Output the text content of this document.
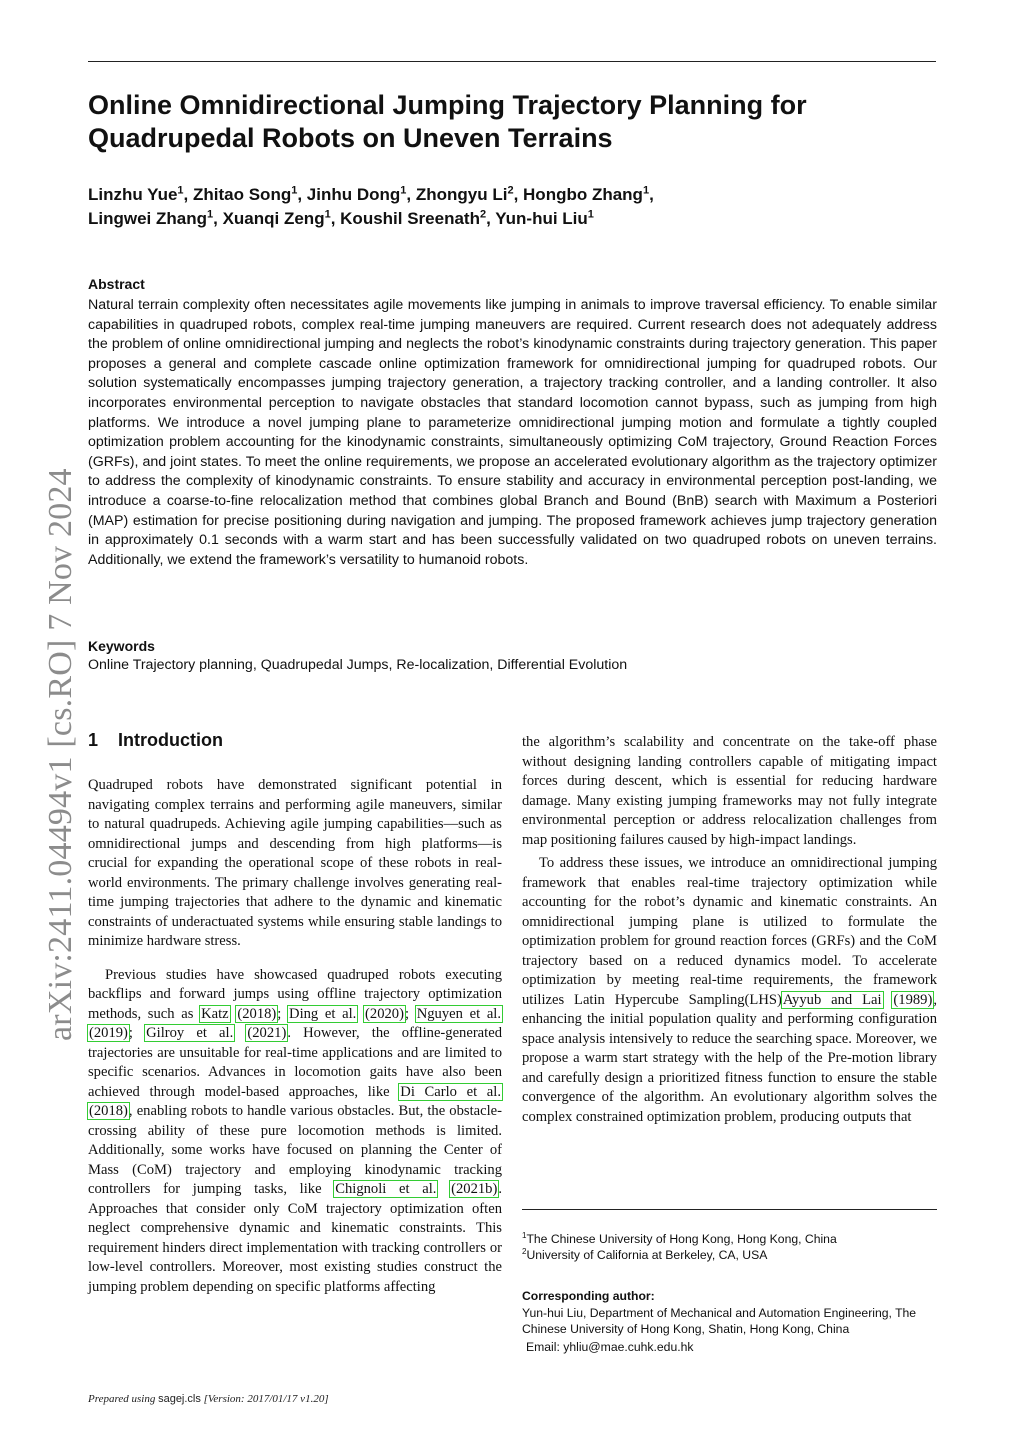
arXiv:2411.04494v1 [cs.RO] 7 Nov 2024
Online Omnidirectional Jumping Trajectory Planning for Quadrupedal Robots on Uneven Terrains
Linzhu Yue$^1$, Zhitao Song$^1$, Jinhu Dong$^1$, Zhongyu Li$^2$, Hongbo Zhang$^1$,
Lingwei Zhang$^1$, Xuanqi Zeng$^1$, Koushil Sreenath$^2$, Yun-hui Liu$^1$
Abstract
Natural terrain complexity often necessitates agile movements like jumping in animals to improve traversal efficiency. To enable similar capabilities in quadruped robots, complex real-time jumping maneuvers are required. Current research does not adequately address the problem of online omnidirectional jumping and neglects the robot’s kinodynamic constraints during trajectory generation. This paper proposes a general and complete cascade online optimization framework for omnidirectional jumping for quadruped robots. Our solution systematically encompasses jumping trajectory generation, a trajectory tracking controller, and a landing controller. It also incorporates environmental perception to navigate obstacles that standard locomotion cannot bypass, such as jumping from high platforms. We introduce a novel jumping plane to parameterize omnidirectional jumping motion and formulate a tightly coupled optimization problem accounting for the kinodynamic constraints, simultaneously optimizing CoM trajectory, Ground Reaction Forces (GRFs), and joint states. To meet the online requirements, we propose an accelerated evolutionary algorithm as the trajectory optimizer to address the complexity of kinodynamic constraints. To ensure stability and accuracy in environmental perception post-landing, we introduce a coarse-to-fine relocalization method that combines global Branch and Bound (BnB) search with Maximum a Posteriori (MAP) estimation for precise positioning during navigation and jumping. The proposed framework achieves jump trajectory generation in approximately 0.1 seconds with a warm start and has been successfully validated on two quadruped robots on uneven terrains. Additionally, we extend the framework’s versatility to humanoid robots.
Keywords
Online Trajectory planning, Quadrupedal Jumps, Re-localization, Differential Evolution
1 Introduction

Quadruped robots have demonstrated significant potential in navigating complex terrains and performing agile maneuvers, similar to natural quadrupeds. Achieving agile jumping capabilities—such as omnidirectional jumps and descending from high platforms—is crucial for expanding the operational scope of these robots in real-world environments. The primary challenge involves generating real-time jumping trajectories that adhere to the dynamic and kinematic constraints of underactuated systems while ensuring stable landings to minimize hardware stress.

Previous studies have showcased quadruped robots executing backflips and forward jumps using offline trajectory optimization methods, such as Katz (2018); Ding et al. (2020); Nguyen et al. (2019); Gilroy et al. (2021). However, the offline-generated trajectories are unsuitable for real-time applications and are limited to specific scenarios. Advances in locomotion gaits have also been achieved through model-based approaches, like Di Carlo et al. (2018), enabling robots to handle various obstacles. But, the obstacle-crossing ability of these pure locomotion methods is limited. Additionally, some works have focused on planning the Center of Mass (CoM) trajectory and employing kinodynamic tracking controllers for jumping tasks, like Chignoli et al. (2021b). Approaches that consider only CoM trajectory optimization often neglect comprehensive dynamic and kinematic constraints. This requirement hinders direct implementation with tracking controllers or low-level controllers. Moreover, most existing studies construct the jumping problem depending on specific platforms affecting

the algorithm’s scalability and concentrate on the take-off phase without designing landing controllers capable of mitigating impact forces during descent, which is essential for reducing hardware damage. Many existing jumping frameworks may not fully integrate environmental perception or address relocalization challenges from map positioning failures caused by high-impact landings.

To address these issues, we introduce an omnidirectional jumping framework that enables real-time trajectory optimization while accounting for the robot’s dynamic and kinematic constraints. An omnidirectional jumping plane is utilized to formulate the optimization problem for ground reaction forces (GRFs) and the CoM trajectory based on a reduced dynamics model. To accelerate optimization by meeting real-time requirements, the framework utilizes Latin Hypercube Sampling(LHS)Ayyub and Lai (1989), enhancing the initial population quality and performing configuration space analysis intensively to reduce the searching space. Moreover, we propose a warm start strategy with the help of the Pre-motion library and carefully design a prioritized fitness function to ensure the stable convergence of the algorithm. An evolutionary algorithm solves the complex constrained optimization problem, producing outputs that

$^1$The Chinese University of Hong Kong, Hong Kong, China
$^2$University of California at Berkeley, CA, USA
Corresponding author:
Yun-hui Liu, Department of Mechanical and Automation Engineering, The Chinese University of Hong Kong, Shatin, Hong Kong, China
Email: yhliu@mae.cuhk.edu.hk
Prepared using sagej.cls [Version: 2017/01/17 v1.20]
